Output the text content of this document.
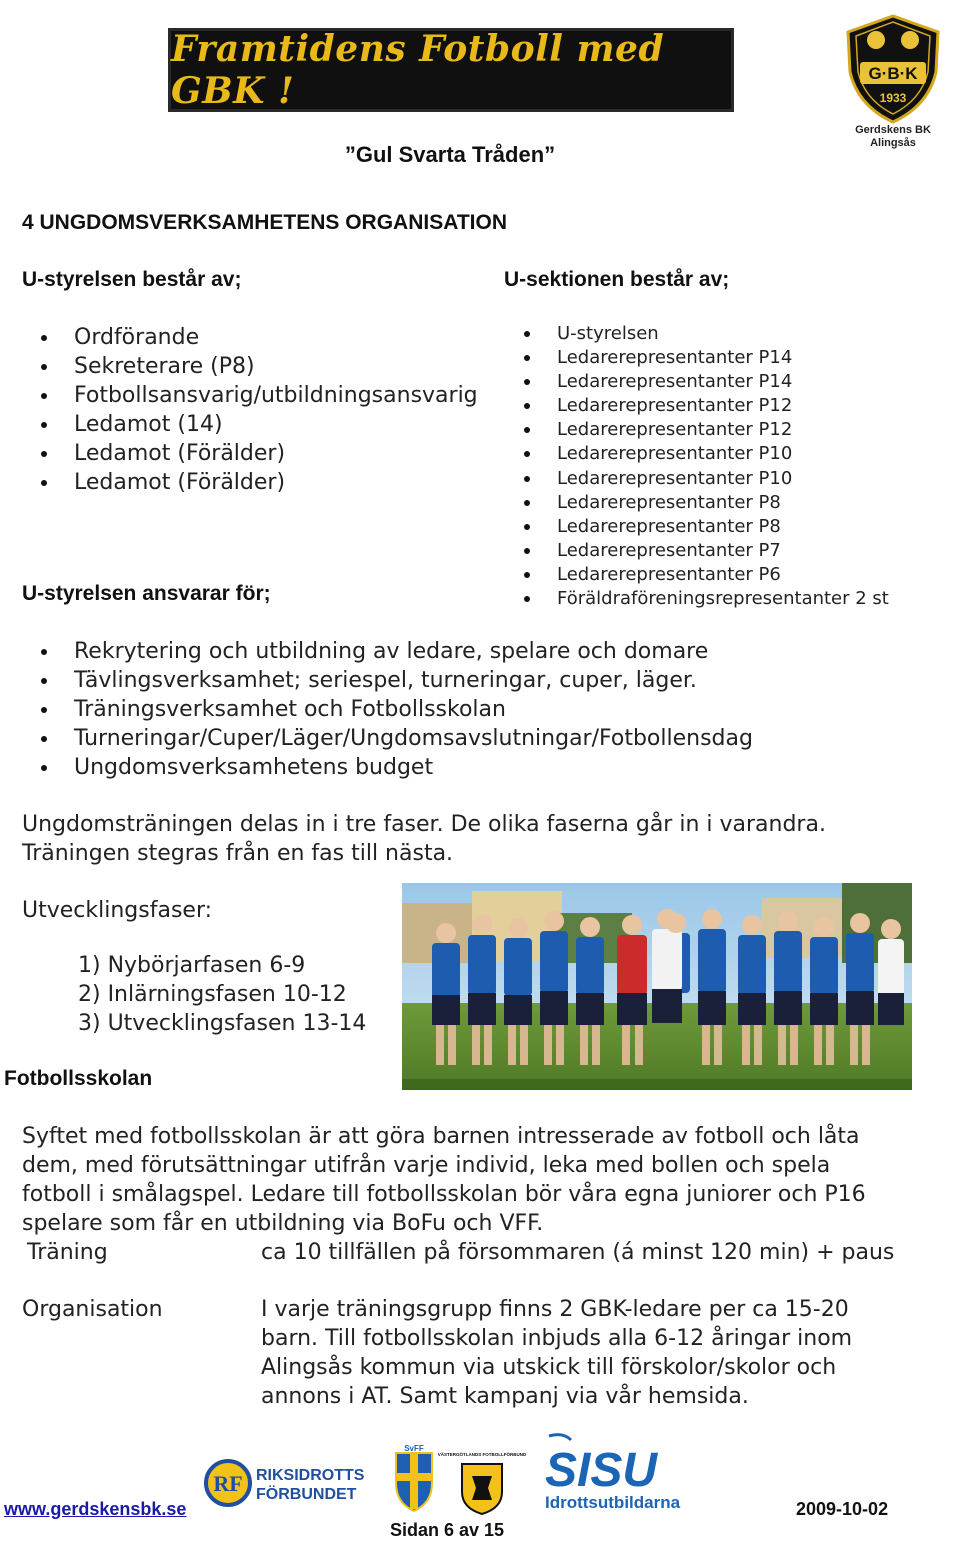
Framtidens Fotboll med GBK !	G·B·K
1933
Gerdskens BK
Alingsås
”Gul Svarta Tråden”
4 UNGDOMSVERKSAMHETENS ORGANISATION
U-styrelsen består av;
Ordförande
Sekreterare (P8)
Fotbollsansvarig/utbildningsansvarig
Ledamot (14)
Ledamot (Förälder)
Ledamot (Förälder)
U-styrelsen ansvarar för;
U-sektionen består av;
U-styrelsen
Ledarerepresentanter P14
Ledarerepresentanter P14
Ledarerepresentanter P12
Ledarerepresentanter P12
Ledarerepresentanter P10
Ledarerepresentanter P10
Ledarerepresentanter P8
Ledarerepresentanter P8
Ledarerepresentanter P7
Ledarerepresentanter P6
Föräldraföreningsrepresentanter 2 st
Rekrytering och utbildning av ledare, spelare och domare
Tävlingsverksamhet; seriespel, turneringar, cuper, läger.
Träningsverksamhet och Fotbollsskolan
Turneringar/Cuper/Läger/Ungdomsavslutningar/Fotbollensdag
Ungdomsverksamhetens budget
Ungdomsträningen delas in i tre faser. De olika faserna går in i varandra.
Träningen stegras från en fas till nästa.
Utvecklingsfaser:
1) Nybörjarfasen 6-9
2) Inlärningsfasen 10-12
3) Utvecklingsfasen 13-14
Fotbollsskolan
Syftet med fotbollsskolan är att göra barnen intresserade av fotboll och låta
dem, med förutsättningar utifrån varje individ, leka med bollen och spela
fotboll i smålagspel. Ledare till fotbollsskolan bör våra egna juniorer och P16
spelare som får en utbildning via BoFu och VFF.
Träning	ca 10 tillfällen på försommaren (á minst 120 min) + paus
Organisation	I varje träningsgrupp finns 2 GBK-ledare per ca 15-20
barn. Till fotbollsskolan inbjuds alla 6-12 åringar inom
Alingsås kommun via utskick till förskolor/skolor och
annons i AT. Samt kampanj via vår hemsida.
RF RIKSIDROTTS
FÖRBUNDET
SvFF
VÄSTERGÖTLANDS FOTBOLLFÖRBUND SISU
Idrottsutbildarna
www.gerdskensbk.se	2009-10-02
Sidan 6 av 15
